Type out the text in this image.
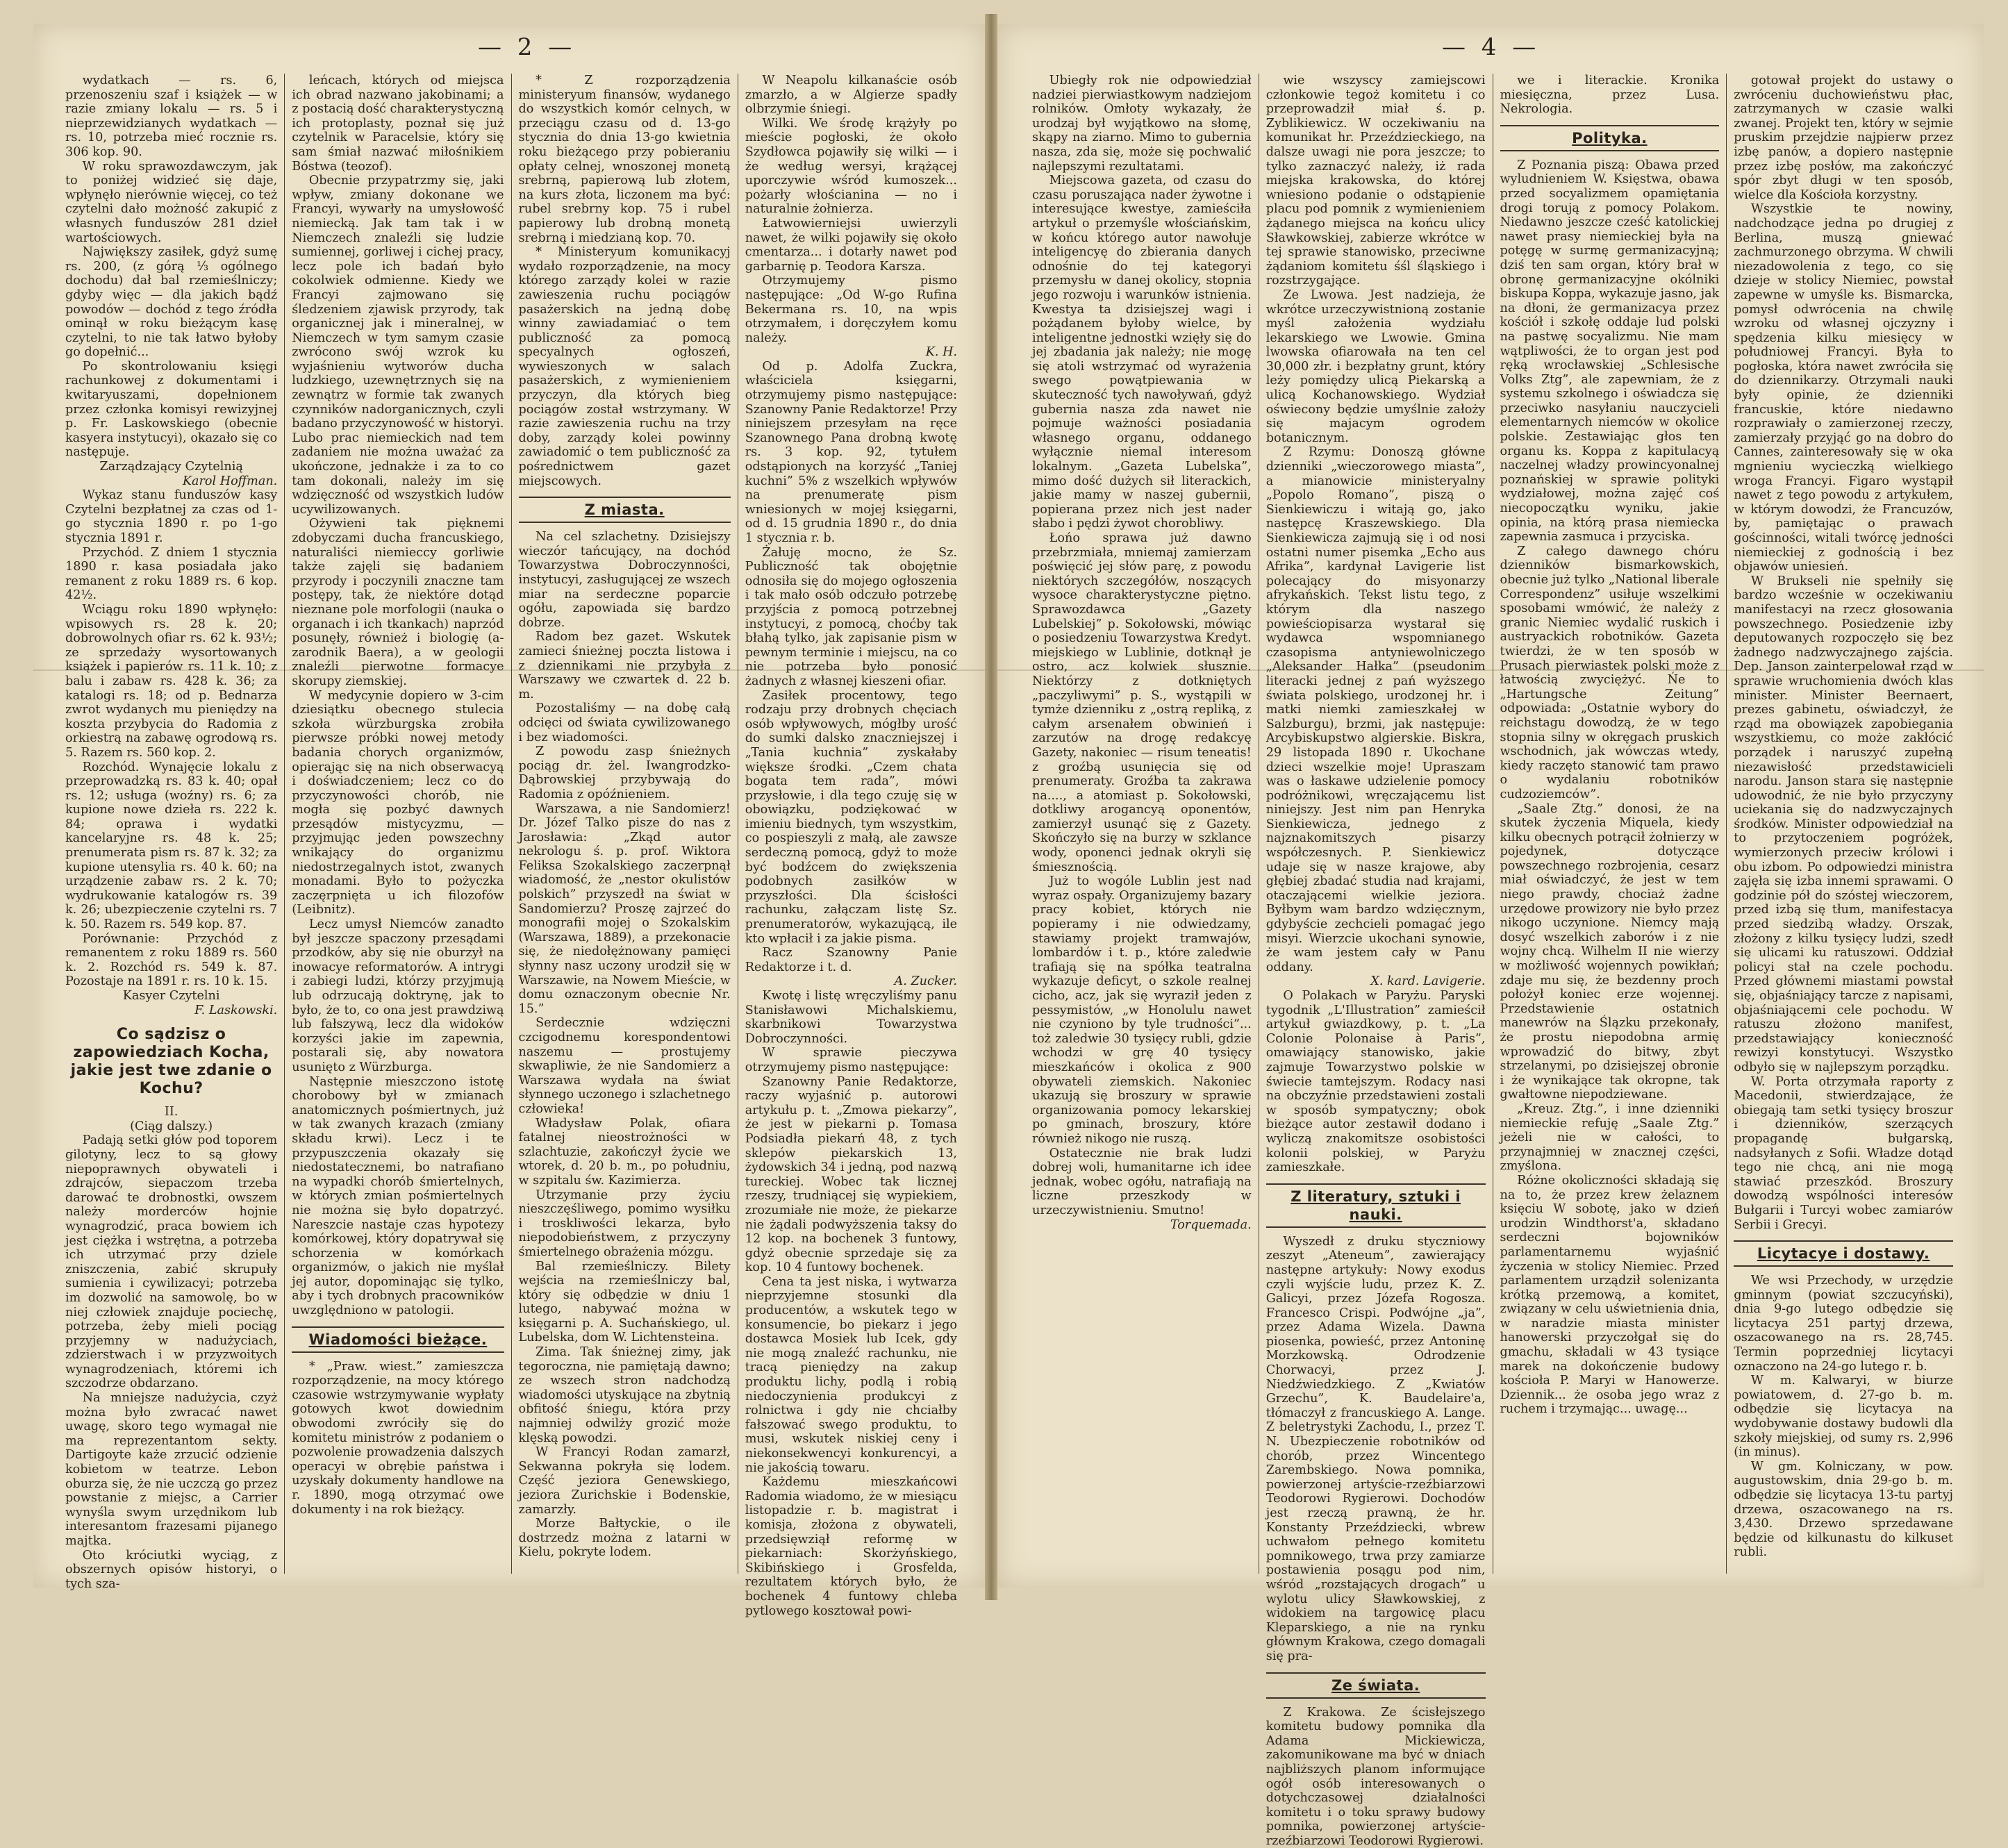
— 2 —

wydatkach — rs. 6, przenoszeniu szaf i książek — w razie zmiany lokalu — rs. 5 i nieprzewidzianych wydatkach — rs. 10, potrzeba mieć rocznie rs. 306 kop. 90.

W roku sprawozdawczym, jak to poniżej widzieć się daje, wpłynęło nierównie więcej, co też czytelni dało możność zakupić z własnych funduszów 281 dzieł wartościowych.

Największy zasiłek, gdyż sumę rs. 200, (z górą ⅓ ogólnego dochodu) dał bal rzemieślniczy; gdyby więc — dla jakich bądź powodów — dochód z tego źródła ominął w roku bieżącym kasę czytelni, to nie tak łatwo byłoby go dopełnić...

Po skontrolowaniu księgi rachunkowej z dokumentami i kwitaryuszami, dopełnionem przez członka komisyi rewizyjnej p. Fr. Laskowskiego (obecnie kasyera instytucyi), okazało się co następuje.

Zarządzający Czytelnią

Karol Hoffman.

Wykaz stanu funduszów kasy Czytelni bezpłatnej za czas od 1-go stycznia 1890 r. po 1-go stycznia 1891 r.

Przychód. Z dniem 1 stycznia 1890 r. kasa posiadała jako remanent z roku 1889 rs. 6 kop. 42½.

Wciągu roku 1890 wpłynęło: wpisowych rs. 28 k. 20; dobrowolnych ofiar rs. 62 k. 93½; ze sprzedaży wysortowanych książek i papierów rs. 11 k. 10; z balu i zabaw rs. 428 k. 36; za katalogi rs. 18; od p. Bednarza zwrot wydanych mu pieniędzy na koszta przybycia do Radomia z orkiestrą na zabawę ogrodową rs. 5. Razem rs. 560 kop. 2.

Rozchód. Wynajęcie lokalu z przeprowadzką rs. 83 k. 40; opał rs. 12; usługa (woźny) rs. 6; za kupione nowe dzieła rs. 222 k. 84; oprawa i wydatki kancelaryjne rs. 48 k. 25; prenumerata pism rs. 87 k. 32; za kupione utensylia rs. 40 k. 60; na urządzenie zabaw rs. 2 k. 70; wydrukowanie katalogów rs. 39 k. 26; ubezpieczenie czytelni rs. 7 k. 50. Razem rs. 549 kop. 87.

Porównanie: Przychód z remanentem z roku 1889 rs. 560 k. 2. Rozchód rs. 549 k. 87. Pozostaje na 1891 r. rs. 10 k. 15.

Kasyer Czytelni

F. Laskowski.

Co sądzisz o zapowiedziach Kocha, jakie jest twe zdanie o Kochu?

II.

(Ciąg dalszy.)

Padają setki głów pod toporem gilotyny, lecz to są głowy niepoprawnych obywateli i zdrajców, siepaczom trzeba darować te drobnostki, owszem należy morderców hojnie wynagrodzić, praca bowiem ich jest ciężka i wstrętna, a potrzeba ich utrzymać przy dziele zniszczenia, zabić skrupuły sumienia i cywilizacyi; potrzeba im dozwolić na samowolę, bo w niej człowiek znajduje pociechę, potrzeba, żeby mieli pociąg przyjemny w nadużyciach, zdzierstwach i w przyzwoitych wynagrodzeniach, któremi ich szczodrze obdarzano.

Na mniejsze nadużycia, czyż można było zwracać nawet uwagę, skoro tego wymagał nie ma reprezentantom sekty. Dartigoyte każe zrzucić odzienie kobietom w teatrze. Lebon oburza się, że nie uczczą go przez powstanie z miejsc, a Carrier wynyśla swym urzędnikom lub interesantom frazesami pijanego majtka.

Oto króciutki wyciąg, z obszernych opisów historyi, o tych sza-

leńcach, których od miejsca ich obrad nazwano jakobinami; a z postacią dość charakterystyczną ich protoplasty, poznał się już czytelnik w Paracelsie, który się sam śmiał nazwać miłośnikiem Bóstwa (teozof).

Obecnie przypatrzmy się, jaki wpływ, zmiany dokonane we Francyi, wywarły na umysłowość niemiecką. Jak tam tak i w Niemczech znaleźli się ludzie sumiennej, gorliwej i cichej pracy, lecz pole ich badań było cokolwiek odmienne. Kiedy we Francyi zajmowano się śledzeniem zjawisk przyrody, tak organicznej jak i mineralnej, w Niemczech w tym samym czasie zwrócono swój wzrok ku wyjaśnieniu wytworów ducha ludzkiego, uzewnętrznych się na zewnątrz w formie tak zwanych czynników nadorganicznych, czyli badano przyczynowość w historyi. Lubo prac niemieckich nad tem zadaniem nie można uważać za ukończone, jednakże i za to co tam dokonali, należy im się wdzięczność od wszystkich ludów ucywilizowanych.

Ożywieni tak pięknemi zdobyczami ducha francuskiego, naturaliści niemieccy gorliwie także zajęli się badaniem przyrody i poczynili znaczne tam postępy, tak, że niektóre dotąd nieznane pole morfologii (nauka o organach i ich tkankach) naprzód posunęły, również i biologię (a-zarodnik Baera), a w geologii znaleźli pierwotne formacye skorupy ziemskiej.

W medycynie dopiero w 3-cim dziesiątku obecnego stulecia szkoła würzburgska zrobiła pierwsze próbki nowej metody badania chorych organizmów, opierając się na nich obserwacyą i doświadczeniem; lecz co do przyczynowości chorób, nie mogła się pozbyć dawnych przesądów mistycyzmu, — przyjmując jeden powszechny wnikający do organizmu niedostrzegalnych istot, zwanych monadami. Było to pożyczka zaczęrpnięta u ich filozofów (Leibnitz).

Lecz umysł Niemców zanadto był jeszcze spaczony przesądami przodków, aby się nie oburzył na inowacye reformatorów. A intrygi i zabiegi ludzi, którzy przyjmują lub odrzucają doktrynę, jak to było, że to, co ona jest prawdziwą lub fałszywą, lecz dla widoków korzyści jakie im zapewnia, postarali się, aby nowatora usunięto z Würzburga.

Następnie mieszczono istotę chorobowy był w zmianach anatomicznych pośmiertnych, już w tak zwanych krazach (zmiany składu krwi). Lecz i te przypuszczenia okazały się niedostatecznemi, bo natrafiano na wypadki chorób śmiertelnych, w których zmian pośmiertelnych nie można się było dopatrzyć. Nareszcie nastaje czas hypotezy komórkowej, który dopatrywał się schorzenia w komórkach organizmów, o jakich nie myślał jej autor, dopominając się tylko, aby i tych drobnych pracowników uwzględniono w patologii.

Wiadomości bieżące.

* „Praw. wiest.” zamieszcza rozporządzenie, na mocy którego czasowie wstrzymywanie wypłaty gotowych kwot dowiednim obwodomi zwróciły się do komitetu ministrów z podaniem o pozwolenie prowadzenia dalszych operacyi w obrębie państwa i uzyskały dokumenty handlowe na r. 1890, mogą otrzymać owe dokumenty i na rok bieżący.

* Z rozporządzenia ministeryum finansów, wydanego do wszystkich komór celnych, w przeciągu czasu od d. 13-go stycznia do dnia 13-go kwietnia roku bieżącego przy pobieraniu opłaty celnej, wnoszonej monetą srebrną, papierową lub złotem, na kurs złota, liczonem ma być: rubel srebrny kop. 75 i rubel papierowy lub drobną monetą srebrną i miedzianą kop. 70.

* Ministeryum komunikacyj wydało rozporządzenie, na mocy którego zarządy kolei w razie zawieszenia ruchu pociągów pasażerskich na jedną dobę winny zawiadamiać o tem publiczność za pomocą specyalnych ogłoszeń, wywieszonych w salach pasażerskich, z wymienieniem przyczyn, dla których bieg pociągów został wstrzymany. W razie zawieszenia ruchu na trzy doby, zarządy kolei powinny zawiadomić o tem publiczność za pośrednictwem gazet miejscowych.

Z miasta.

Na cel szlachetny. Dzisiejszy wieczór tańcujący, na dochód Towarzystwa Dobroczynności, instytucyi, zasługującej ze wszech miar na serdeczne poparcie ogółu, zapowiada się bardzo dobrze.

Radom bez gazet. Wskutek zamieci śnieżnej poczta listowa i z dziennikami nie przybyła z Warszawy we czwartek d. 22 b. m.

Pozostaliśmy — na dobę całą odcięci od świata cywilizowanego i bez wiadomości.

Z powodu zasp śnieżnych pociąg dr. żel. Iwangrodzko-Dąbrowskiej przybywają do Radomia z opóźnieniem.

Warszawa, a nie Sandomierz! Dr. Józef Talko pisze do nas z Jarosławia: „Zkąd autor nekrologu ś. p. prof. Wiktora Feliksa Szokalskiego zaczerpnął wiadomość, że „nestor okulistów polskich” przyszedł na świat w Sandomierzu? Proszę zajrzeć do monografii mojej o Szokalskim (Warszawa, 1889), a przekonacie się, że niedołężnowany pamięci słynny nasz uczony urodził się w Warszawie, na Nowem Mieście, w domu oznaczonym obecnie Nr. 15.”

Serdecznie wdzięczni czcigodnemu korespondentowi naszemu — prostujemy skwapliwie, że nie Sandomierz a Warszawa wydała na świat słynnego uczonego i szlachetnego człowieka!

Władysław Polak, ofiara fatalnej nieostrożności w szlachtuzie, zakończył życie we wtorek, d. 20 b. m., po południu, w szpitalu św. Kazimierza.

Utrzymanie przy życiu nieszczęśliwego, pomimo wysiłku i troskliwości lekarza, było niepodobieństwem, z przyczyny śmiertelnego obrażenia mózgu.

Bal rzemieślniczy. Bilety wejścia na rzemieślniczy bal, który się odbędzie w dniu 1 lutego, nabywać można w księgarni p. A. Suchańskiego, ul. Lubelska, dom W. Lichtensteina.

Zima. Tak śnieżnej zimy, jak tegoroczna, nie pamiętają dawno; ze wszech stron nadchodzą wiadomości utyskujące na zbytnią obfitość śniegu, która przy najmniej odwilży grozić może klęską powodzi.

W Francyi Rodan zamarzł, Sekwanna pokryła się lodem. Część jeziora Genewskiego, jeziora Zurichskie i Bodenskie, zamarzły.

Morze Bałtyckie, o ile dostrzedz można z latarni w Kielu, pokryte lodem.

W Neapolu kilkanaście osób zmarzło, a w Algierze spadły olbrzymie śniegi.

Wilki. We środę krążyły po mieście pogłoski, że około Szydłowca pojawiły się wilki — i że według wersyi, krążącej uporczywie wśród kumoszek... pożarły włościanina — no i naturalnie żołnierza.

Łatwowierniejsi uwierzyli nawet, że wilki pojawiły się około cmentarza... i dotarły nawet pod garbarnię p. Teodora Karsza.

Otrzymujemy pismo następujące: „Od W-go Rufina Bekermana rs. 10, na wpis otrzymałem, i doręczyłem komu należy.

K. H.

Od p. Adolfa Zuckra, właściciela księgarni, otrzymujemy pismo następujące: Szanowny Panie Redaktorze! Przy niniejszem przesyłam na ręce Szanownego Pana drobną kwotę rs. 3 kop. 92, tytułem odstąpionych na korzyść „Taniej kuchni” 5% z wszelkich wpływów na prenumeratę pism wniesionych w mojej księgarni, od d. 15 grudnia 1890 r., do dnia 1 stycznia r. b.

Żałuję mocno, że Sz. Publiczność tak obojętnie odnosiła się do mojego ogłoszenia i tak mało osób odczuło potrzebę przyjścia z pomocą potrzebnej instytucyi, z pomocą, choćby tak błahą tylko, jak zapisanie pism w pewnym terminie i miejscu, na co nie potrzeba było ponosić żadnych z własnej kieszeni ofiar.

Zasiłek procentowy, tego rodzaju przy drobnych chęciach osób wpływowych, mógłby urość do sumki dalsko znaczniejszej i „Tania kuchnia” zyskałaby większe środki. „Czem chata bogata tem rada”, mówi przysłowie, i dla tego czuję się w obowiązku, podziękować w imieniu biednych, tym wszystkim, co pospieszyli z małą, ale zawsze serdeczną pomocą, gdyż to może być bodźcem do zwiększenia podobnych zasiłków w przyszłości. Dla ścisłości rachunku, załączam listę Sz. prenumeratorów, wykazującą, ile kto wpłacił i za jakie pisma.

Racz Szanowny Panie Redaktorze i t. d.

A. Zucker.

Kwotę i listę wręczyliśmy panu Stanisławowi Michalskiemu, skarbnikowi Towarzystwa Dobroczynności.

W sprawie pieczywa otrzymujemy pismo następujące:

Szanowny Panie Redaktorze, raczy wyjaśnić p. autorowi artykułu p. t. „Zmowa piekarzy”, że jest w piekarni p. Tomasa Podsiadła piekarń 48, z tych sklepów piekarskich 13, żydowskich 34 i jedną, pod nazwą tureckiej. Wobec tak licznej rzeszy, trudniącej się wypiekiem, zrozumiałe nie może, że piekarze nie żądali podwyższenia taksy do 12 kop. na bochenek 3 funtowy, gdyż obecnie sprzedaje się za kop. 10 4 funtowy bochenek.

Cena ta jest niska, i wytwarza nieprzyjemne stosunki dla producentów, a wskutek tego w konsumencie, bo piekarz i jego dostawca Mosiek lub Icek, gdy nie mogą znaleźć rachunku, nie tracą pieniędzy na zakup produktu lichy, podlą i robią niedoczynienia produkcyi z rolnictwa i gdy nie chciałby fałszować swego produktu, to musi, wskutek niskiej ceny i niekonsekwencyi konkurencyi, a nie jakością towaru.

Każdemu mieszkańcowi Radomia wiadomo, że w miesiącu listopadzie r. b. magistrat i komisja, złożona z obywateli, przedsięwziął reformę w piekarniach: Skorżyńskiego, Skibińskiego i Grosfelda, rezultatem których było, że bochenek 4 funtowy chleba pytlowego kosztował powi-

— 4 —

Ubiegły rok nie odpowiedział nadziei pierwiastkowym nadziejom rolników. Omłoty wykazały, że urodzaj był wyjątkowo na słomę, skąpy na ziarno. Mimo to gubernia nasza, zda się, może się pochwalić najlepszymi rezultatami.

Miejscowa gazeta, od czasu do czasu poruszająca nader żywotne i interesujące kwestye, zamieściła artykuł o przemyśle włościańskim, w końcu którego autor nawołuje inteligencyę do zbierania danych odnośnie do tej kategoryi przemysłu w danej okolicy, stopnia jego rozwoju i warunków istnienia. Kwestya ta dzisiejszej wagi i pożądanem byłoby wielce, by inteligentne jednostki wzięły się do jej zbadania jak należy; nie mogę się atoli wstrzymać od wyrażenia swego powątpiewania w skuteczność tych nawoływań, gdyż gubernia nasza zda nawet nie pojmuje ważności posiadania własnego organu, oddanego wyłącznie niemal interesom lokalnym. „Gazeta Lubelska”, mimo dość dużych sił literackich, jakie mamy w naszej gubernii, popierana przez nich jest nader słabo i pędzi żywot chorobliwy.

Łońo sprawa już dawno przebrzmiała, mniemaj zamierzam poświęcić jej słów parę, z powodu niektórych szczegółów, noszących wysoce charakterystyczne piętno. Sprawozdawca „Gazety Lubelskiej” p. Sokołowski, mówiąc o posiedzeniu Towarzystwa Kredyt. miejskiego w Lublinie, dotknął je ostro, acz kolwiek słusznie. Niektórzy z dotkniętych „paczyliwymi” p. S., wystąpili w tymże dzienniku z „ostrą repliką, z całym arsenałem obwinień i zarzutów na drogę redakcyę Gazety, nakoniec — risum teneatis! z groźbą usunięcia się od prenumeraty. Groźba ta zakrawa na...., a atomiast p. Sokołowski, dotkliwy arogancyą oponentów, zamierzył usunąć się z Gazety. Skończyło się na burzy w szklance wody, oponenci jednak okryli się śmiesznością.

Już to wogóle Lublin jest nad wyraz ospały. Organizujemy bazary pracy kobiet, których nie popieramy i nie odwiedzamy, stawiamy projekt tramwajów, lombardów i t. p., które zaledwie trafiają się na spółka teatralna wykazuje deficyt, o szkole realnej cicho, acz, jak się wyraził jeden z pessymistów, „w Honolulu nawet nie czyniono by tyle trudności”... toż zaledwie 30 tysięcy rubli, gdzie wchodzi w grę 40 tysięcy mieszkańców i okolica z 900 obywateli ziemskich. Nakoniec ukazują się broszury w sprawie organizowania pomocy lekarskiej po gminach, broszury, które również nikogo nie ruszą.

Ostatecznie nie brak ludzi dobrej woli, humanitarne ich idee jednak, wobec ogółu, natrafiają na liczne przeszkody w urzeczywistnieniu. Smutno!

Torquemada.

wie wszyscy zamiejscowi członkowie tegoż komitetu i co przeprowadził miał ś. p. Zyblikiewicz. W oczekiwaniu na komunikat hr. Przeździeckiego, na dalsze uwagi nie pora jeszcze; to tylko zaznaczyć należy, iż rada miejska krakowska, do której wniesiono podanie o odstąpienie placu pod pomnik z wymienieniem żądanego miejsca na końcu ulicy Sławkowskiej, zabierze wkrótce w tej sprawie stanowisko, przeciwne żądaniom komitetu śśl śląskiego i rozstrzygające.

Ze Lwowa. Jest nadzieja, że wkrótce urzeczywistnioną zostanie myśl założenia wydziału lekarskiego we Lwowie. Gmina lwowska ofiarowała na ten cel 30,000 złr. i bezpłatny grunt, który leży pomiędzy ulicą Piekarską a ulicą Kochanowskiego. Wydział oświecony będzie umyślnie założy się majacym ogrodem botanicznym.

Z Rzymu: Donoszą główne dzienniki „wieczorowego miasta”, a mianowicie ministeryalny „Popolo Romano”, piszą o Sienkiewiczu i witają go, jako następcę Kraszewskiego. Dla Sienkiewicza zajmują się i od nosi ostatni numer pisemka „Echo aus Afrika”, kardynał Lavigerie list polecający do misyonarzy afrykańskich. Tekst listu tego, z którym dla naszego powieściopisarza wystarał się wydawca wspomnianego czasopisma antyniewolniczego „Aleksander Hałka” (pseudonim literacki jednej z pań wyższego świata polskiego, urodzonej hr. i matki niemki zamieszkałej w Salzburgu), brzmi, jak następuje: Arcybiskupstwo algierskie. Biskra, 29 listopada 1890 r. Ukochane dzieci wszelkie moje! Upraszam was o łaskawe udzielenie pomocy podróżnikowi, wręczającemu list niniejszy. Jest nim pan Henryka Sienkiewicza, jednego z najznakomitszych pisarzy współczesnych. P. Sienkiewicz udaje się w nasze krajowe, aby głębiej zbadać studia nad krajami, otaczającemi wielkie jeziora. Byłbym wam bardzo wdzięcznym, gdybyście zechcieli pomagać jego misyi. Wierzcie ukochani synowie, że wam jestem cały w Panu oddany.

X. kard. Lavigerie.

O Polakach w Paryżu. Paryski tygodnik „L'Illustration” zamieścił artykuł gwiazdkowy, p. t. „La Colonie Polonaise à Paris”, omawiający stanowisko, jakie zajmuje Towarzystwo polskie w świecie tamtejszym. Rodacy nasi na obczyźnie przedstawieni zostali w sposób sympatyczny; obok bieżące autor zestawił dodano i wyliczą znakomitsze osobistości kolonii polskiej, w Paryżu zamieszkałe.

Z literatury, sztuki i nauki.

Wyszedł z druku styczniowy zeszyt „Ateneum”, zawierający następne artykuły: Nowy exodus czyli wyjście ludu, przez K. Z. Galicyi, przez Józefa Rogosza. Francesco Crispi. Podwójne „ja”, przez Adama Wizela. Dawna piosenka, powieść, przez Antoninę Morzkowską. Odrodzenie Chorwacyi, przez J. Niedźwiedzkiego. Z „Kwiatów Grzechu”, K. Baudelaire'a, tłómaczył z francuskiego A. Lange. Z beletrystyki Zachodu, I., przez T. N. Ubezpieczenie robotników od chorób, przez Wincentego Zarembskiego. Nowa pomnika, powierzonej artyście-rzeźbiarzowi Teodorowi Rygierowi. Dochodów jest rzeczą prawną, że hr. Konstanty Przeździecki, wbrew uchwałom pełnego komitetu pomnikowego, trwa przy zamiarze postawienia posągu pod nim, wśród „rozstających drogach” u wylotu ulicy Sławkowskiej, z widokiem na targowicę placu Kleparskiego, a nie na rynku głównym Krakowa, czego domagali się pra-

Ze świata.

Z Krakowa. Ze ścisłejszego komitetu budowy pomnika dla Adama Mickiewicza, zakomunikowane ma być w dniach najbliższych planom informujące ogół osób interesowanych o dotychczasowej działalności komitetu i o toku sprawy budowy pomnika, powierzonej artyście-rzeźbiarzowi Teodorowi Rygierowi.

we i literackie. Kronika miesięczna, przez Lusa. Nekrologia.

Polityka.

Z Poznania piszą: Obawa przed wyludnieniem W. Księstwa, obawa przed socyalizmem opamiętania drogi torują z pomocy Polakom. Niedawno jeszcze cześć katolickiej nawet prasy niemieckiej była na potęgę w surmę germanizacyjną; dziś ten sam organ, który brał w obronę germanizacyjne okólniki biskupa Koppa, wykazuje jasno, jak na dłoni, że germanizacya przez kościół i szkołę oddaje lud polski na pastwę socyalizmu. Nie mam wątpliwości, że to organ jest pod ręką wrocławskiej „Schlesische Volks Ztg”, ale zapewniam, że z systemu szkolnego i oświadcza się przeciwko nasyłaniu nauczycieli elementarnych niemców w okolice polskie. Zestawiając głos ten organu ks. Koppa z kapitulacyą naczelnej władzy prowincyonalnej poznańskiej w sprawie polityki wydziałowej, można zajęć coś niecopoczątku wyniku, jakie opinia, na którą prasa niemiecka zapewnia zasmuca i przyciska.

Z całego dawnego chóru dzienników bismarkowskich, obecnie już tylko „National liberale Correspondenz” usiłuje wszelkimi sposobami wmówić, że należy z granic Niemiec wydalić ruskich i austryackich robotników. Gazeta twierdzi, że w ten sposób w Prusach pierwiastek polski może z łatwością zwyciężyć. Ńe to „Hartungsche Zeitung” odpowiada: „Ostatnie wybory do reichstagu dowodzą, że w tego stopnia silny w okręgach pruskich wschodnich, jak wówczas wtedy, kiedy raczęto stanowić tam prawo o wydalaniu robotników cudzoziemców”.

„Saale Ztg.” donosi, że na skutek życzenia Miquela, kiedy kilku obecnych potrącił żołnierzy w pojedynek, dotyczące powszechnego rozbrojenia, cesarz miał oświadczyć, że jest w tem niego prawdy, chociaż żadne urzędowe prowizory nie było przez nikogo uczynione. Niemcy mają dosyć wszelkich zaborów i z nie wojny chcą. Wilhelm II nie wierzy w możliwość wojennych powikłań; zdaje mu się, że bezdenny proch położył koniec erze wojennej. Przedstawienie ostatnich manewrów na Ślązku przekonały, że prostu niepodobna armię wprowadzić do bitwy, zbyt strzelanymi, po dzisiejszej obronie i że wynikające tak okropne, tak gwałtowne niepodziewane.

„Kreuz. Ztg.”, i inne dzienniki niemieckie refuję „Saale Ztg.” jeżeli nie w całości, to przynajmniej w znacznej części, zmyślona.

Różne okoliczności składają się na to, że przez krew żelaznem księciu W sobotę, jako w dzień urodzin Windthorst'a, składano serdeczni bojowników parlamentarnemu wyjaśnić życzenia w stolicy Niemiec. Przed parlamentem urządził solenizanta krótką przemową, a komitet, związany w celu uświetnienia dnia, w naradzie miasta minister hanowerski przyczołgał się do gmachu, składali w 43 tysiące marek na dokończenie budowy kościoła P. Maryi w Hanowerze. Dziennik... że osoba jego wraz z ruchem i trzymając... uwagę...

gotował projekt do ustawy o zwróceniu duchowieństwu płac, zatrzymanych w czasie walki zwanej. Projekt ten, który w sejmie pruskim przejdzie najpierw przez izbę panów, a dopiero następnie przez izbę posłów, ma zakończyć spór zbyt długi w ten sposób, wielce dla Kościoła korzystny.

Wszystkie te nowiny, nadchodzące jedna po drugiej z Berlina, muszą gniewać zachmurzonego obrzyma. W chwili niezadowolenia z tego, co się dzieje w stolicy Niemiec, powstał zapewne w umyśle ks. Bismarcka, pomysł odwrócenia na chwilę wzroku od własnej ojczyzny i spędzenia kilku miesięcy w południowej Francyi. Była to pogłoska, która nawet zwróciła się do dziennikarzy. Otrzymali nauki były opinie, że dzienniki francuskie, które niedawno rozprawiały o zamierzonej rzeczy, zamierzały przyjąć go na dobro do Cannes, zainteresowały się w oka mgnieniu wycieczką wielkiego wroga Francyi. Figaro wystąpił nawet z tego powodu z artykułem, w którym dowodzi, że Francuzów, by, pamiętając o prawach gościnności, witali twórcę jedności niemieckiej z godnością i bez objawów uniesień.

W Brukseli nie spełniły się bardzo wcześnie w oczekiwaniu manifestacyi na rzecz głosowania powszechnego. Posiedzenie izby deputowanych rozpoczęło się bez żadnego nadzwyczajnego zajścia. Dep. Janson zainterpelował rząd w sprawie wruchomienia dwóch klas minister. Minister Beernaert, prezes gabinetu, oświadczył, że rząd ma obowiązek zapobiegania wszystkiemu, co może zakłócić porządek i naruszyć zupełną niezawisłość przedstawicieli narodu. Janson stara się następnie udowodnić, że nie było przyczyny uciekania się do nadzwyczajnych środków. Minister odpowiedział na to przytoczeniem pogróżek, wymierzonych przeciw królowi i obu izbom. Po odpowiedzi ministra zajęła się izba innemi sprawami. O godzinie pół do szóstej wieczorem, przed izbą się tłum, manifestacya przed siedzibą władzy. Orszak, złożony z kilku tysięcy ludzi, szedł się ulicami ku ratuszowi. Oddział policyi stał na czele pochodu. Przed głównemi miastami powstał się, objaśniający tarcze z napisami, objaśniającemi cele pochodu. W ratuszu złożono manifest, przedstawiający konieczność rewizyi konstytucyi. Wszystko odbyło się w najlepszym porządku.

W. Porta otrzymała raporty z Macedonii, stwierdzające, że obiegają tam setki tysięcy broszur i dzienników, szerzących propagandę bułgarską, nadsyłanych z Sofii. Władze dotąd tego nie chcą, ani nie mogą stawiać przeszkód. Broszury dowodzą wspólności interesów Bułgarii i Turcyi wobec zamiarów Serbii i Grecyi.

Licytacye i dostawy.

We wsi Przechody, w urzędzie gminnym (powiat szczucyński), dnia 9-go lutego odbędzie się licytacya 251 partyj drzewa, oszacowanego na rs. 28,745. Termin poprzedniej licytacyi oznaczono na 24-go lutego r. b.

W m. Kalwaryi, w biurze powiatowem, d. 27-go b. m. odbędzie się licytacya na wydobywanie dostawy budowli dla szkoły miejskiej, od sumy rs. 2,996 (in minus).

W gm. Kolniczany, w pow. augustowskim, dnia 29-go b. m. odbędzie się licytacya 13-tu partyj drzewa, oszacowanego na rs. 3,430. Drzewo sprzedawane będzie od kilkunastu do kilkuset rubli.
